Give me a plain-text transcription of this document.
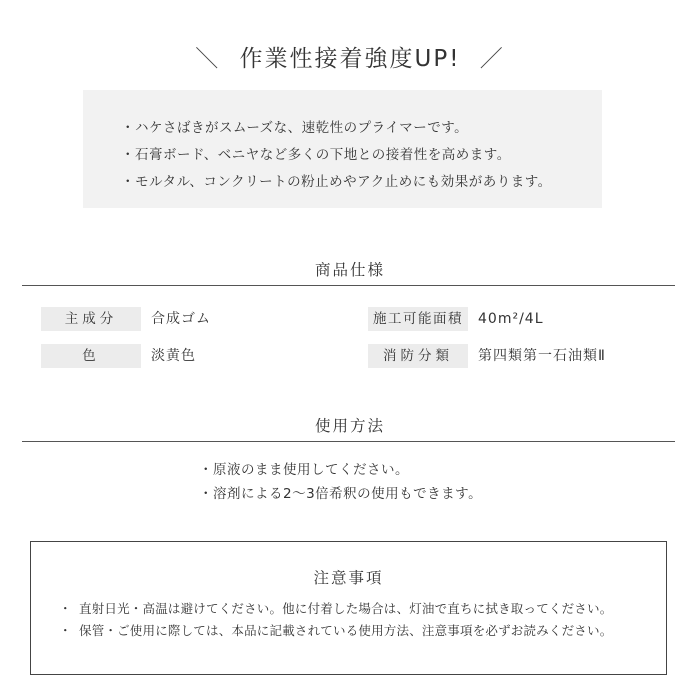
＼ 作業性接着強度UP! ／
・ハケさばきがスムーズな、速乾性のプライマーです。
・石膏ボード、ベニヤなど多くの下地との接着性を高めます。
・モルタル、コンクリートの粉止めやアク止めにも効果があります。
商品仕様
主成分	合成ゴム
色	淡黄色
施工可能面積	40m²/4L
消防分類	第四類第一石油類Ⅱ
使用方法
・原液のまま使用してください。
・溶剤による2〜3倍希釈の使用もできます。
注意事項
・ 直射日光・高温は避けてください。他に付着した場合は、灯油で直ちに拭き取ってください。
・ 保管・ご使用に際しては、本品に記載されている使用方法、注意事項を必ずお読みください。
